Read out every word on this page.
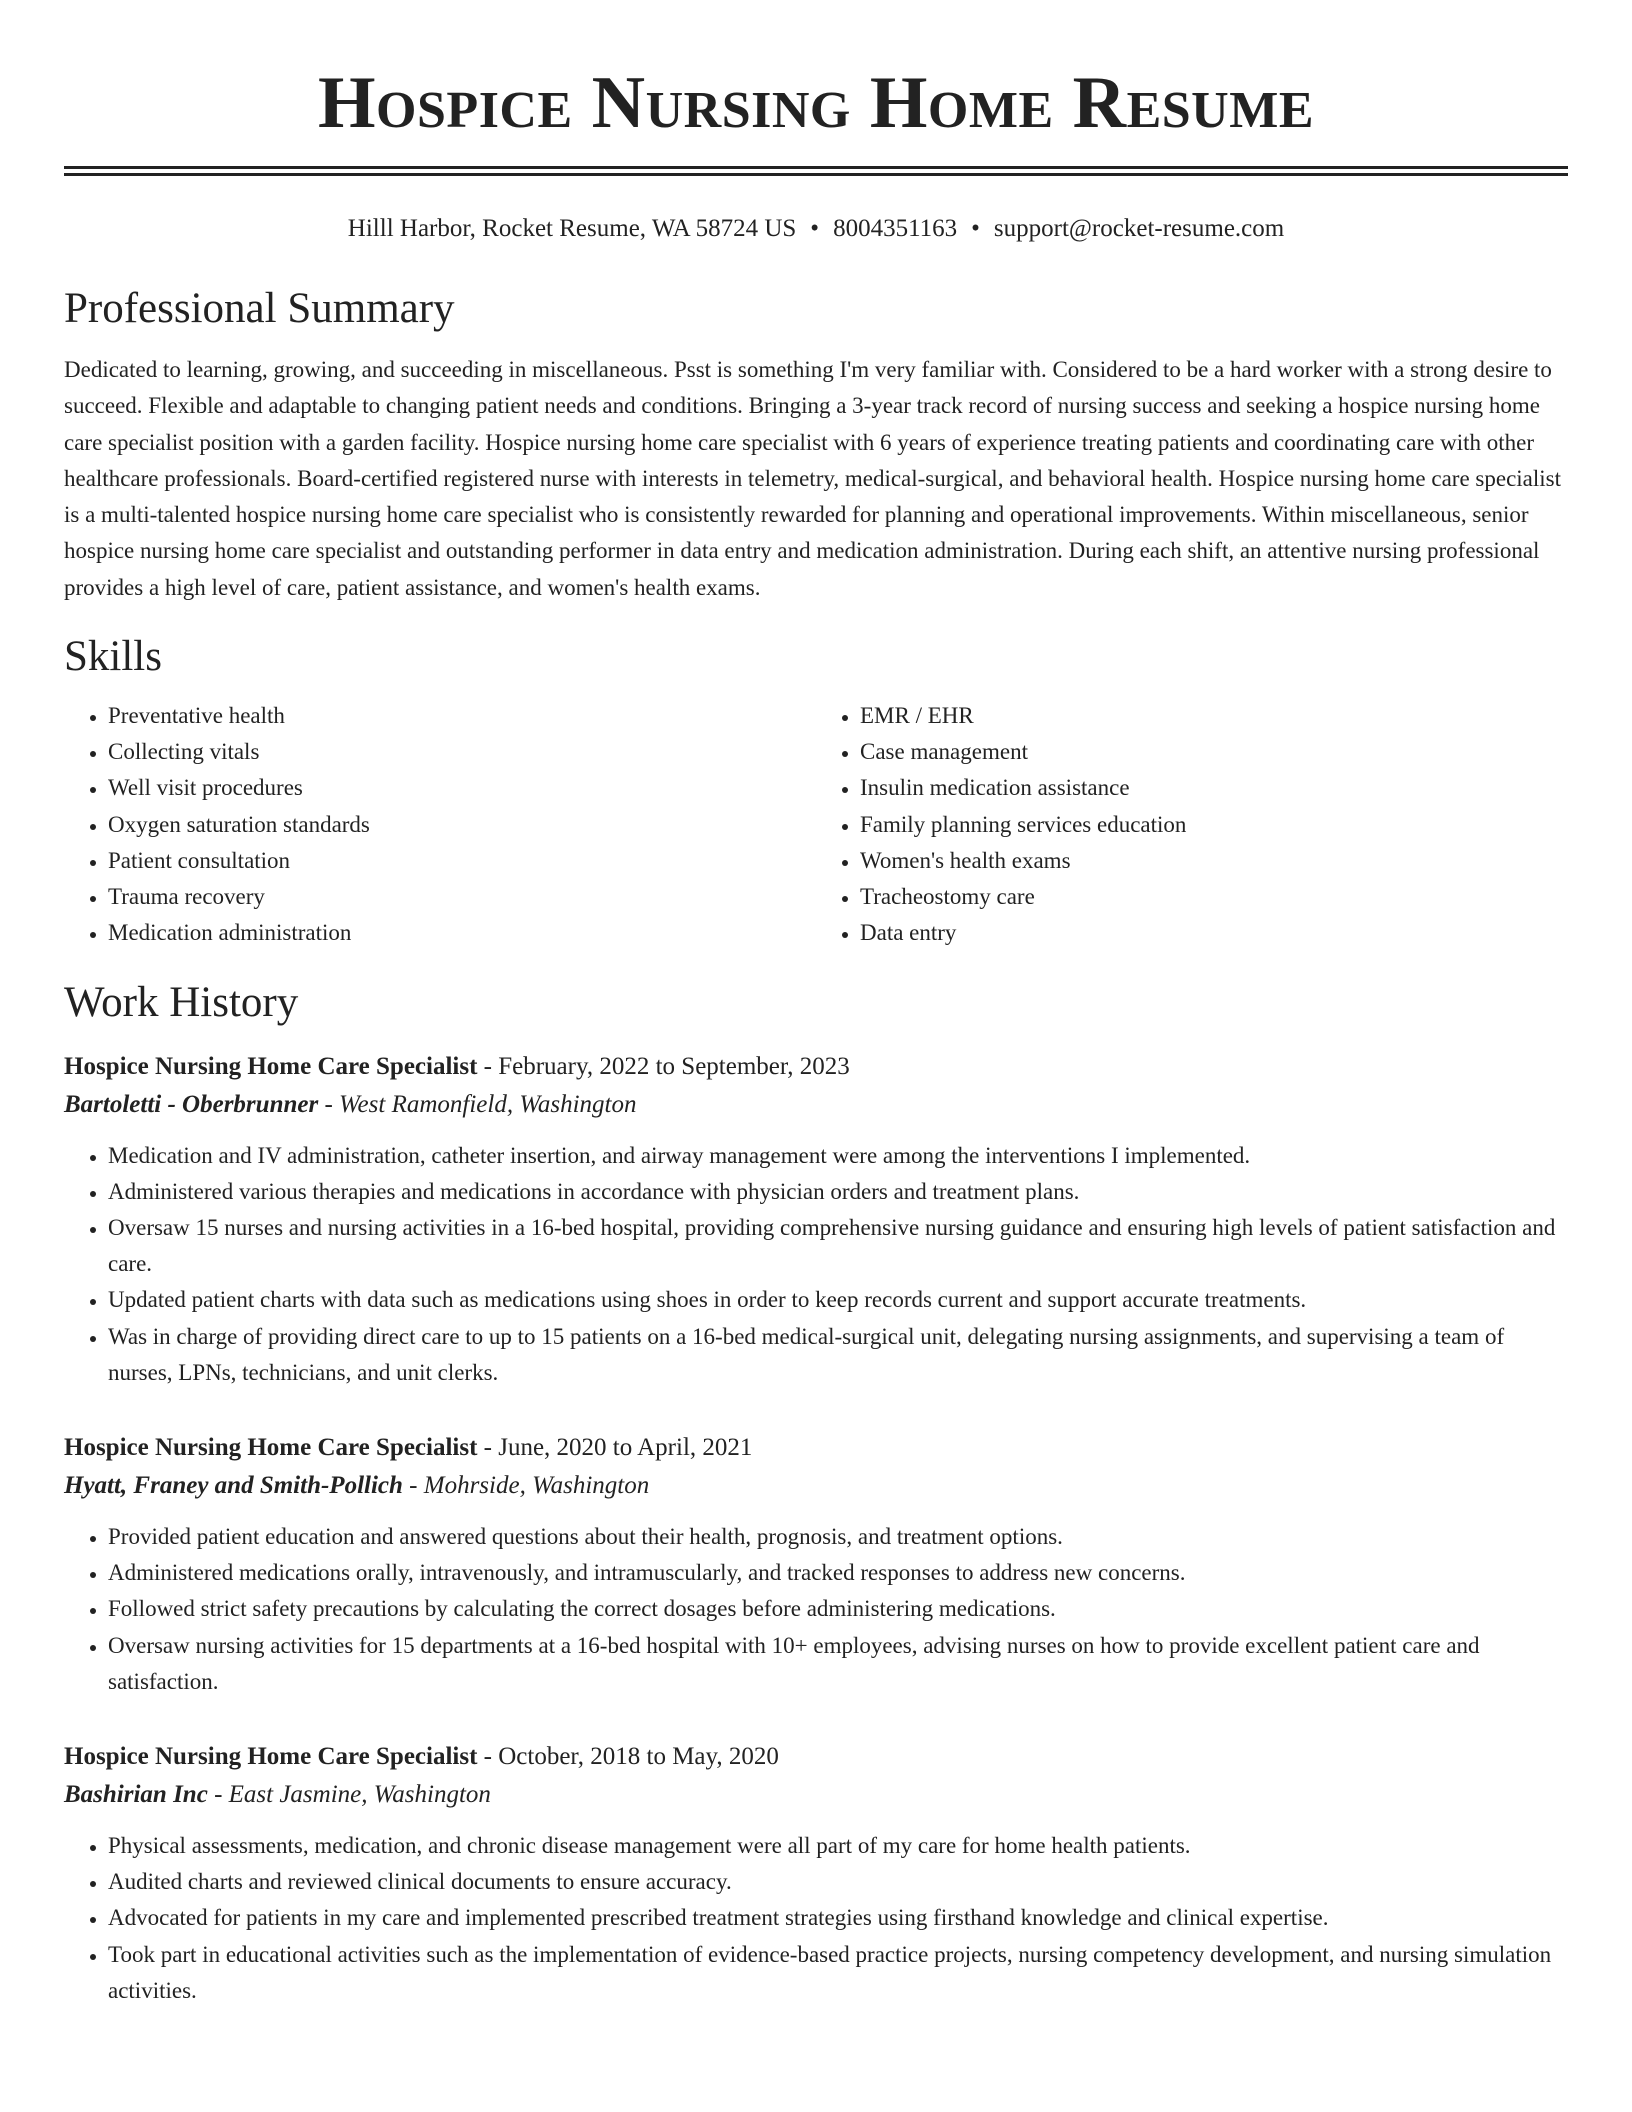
Hospice Nursing Home Resume
Hilll Harbor, Rocket Resume, WA 58724 US • 8004351163 • support@rocket-resume.com
Professional Summary

Dedicated to learning, growing, and succeeding in miscellaneous. Psst is something I'm very familiar with. Considered to be a hard worker with a strong desire to succeed. Flexible and adaptable to changing patient needs and conditions. Bringing a 3-year track record of nursing success and seeking a hospice nursing home care specialist position with a garden facility. Hospice nursing home care specialist with 6 years of experience treating patients and coordinating care with other healthcare professionals. Board-certified registered nurse with interests in telemetry, medical-surgical, and behavioral health. Hospice nursing home care specialist is a multi-talented hospice nursing home care specialist who is consistently rewarded for planning and operational improvements. Within miscellaneous, senior hospice nursing home care specialist and outstanding performer in data entry and medication administration. During each shift, an attentive nursing professional provides a high level of care, patient assistance, and women's health exams.

Skills
• Preventative health
• Collecting vitals
• Well visit procedures
• Oxygen saturation standards
• Patient consultation
• Trauma recovery
• Medication administration
• EMR / EHR
• Case management
• Insulin medication assistance
• Family planning services education
• Women's health exams
• Tracheostomy care
• Data entry
Work History
Hospice Nursing Home Care Specialist - February, 2022 to September, 2023
Bartoletti - Oberbrunner - West Ramonfield, Washington
• Medication and IV administration, catheter insertion, and airway management were among the interventions I implemented.
• Administered various therapies and medications in accordance with physician orders and treatment plans.
• Oversaw 15 nurses and nursing activities in a 16-bed hospital, providing comprehensive nursing guidance and ensuring high levels of patient satisfaction and care.
• Updated patient charts with data such as medications using shoes in order to keep records current and support accurate treatments.
• Was in charge of providing direct care to up to 15 patients on a 16-bed medical-surgical unit, delegating nursing assignments, and supervising a team of nurses, LPNs, technicians, and unit clerks.
Hospice Nursing Home Care Specialist - June, 2020 to April, 2021
Hyatt, Franey and Smith-Pollich - Mohrside, Washington
• Provided patient education and answered questions about their health, prognosis, and treatment options.
• Administered medications orally, intravenously, and intramuscularly, and tracked responses to address new concerns.
• Followed strict safety precautions by calculating the correct dosages before administering medications.
• Oversaw nursing activities for 15 departments at a 16-bed hospital with 10+ employees, advising nurses on how to provide excellent patient care and satisfaction.
Hospice Nursing Home Care Specialist - October, 2018 to May, 2020
Bashirian Inc - East Jasmine, Washington
• Physical assessments, medication, and chronic disease management were all part of my care for home health patients.
• Audited charts and reviewed clinical documents to ensure accuracy.
• Advocated for patients in my care and implemented prescribed treatment strategies using firsthand knowledge and clinical expertise.
• Took part in educational activities such as the implementation of evidence-based practice projects, nursing competency development, and nursing simulation activities.
